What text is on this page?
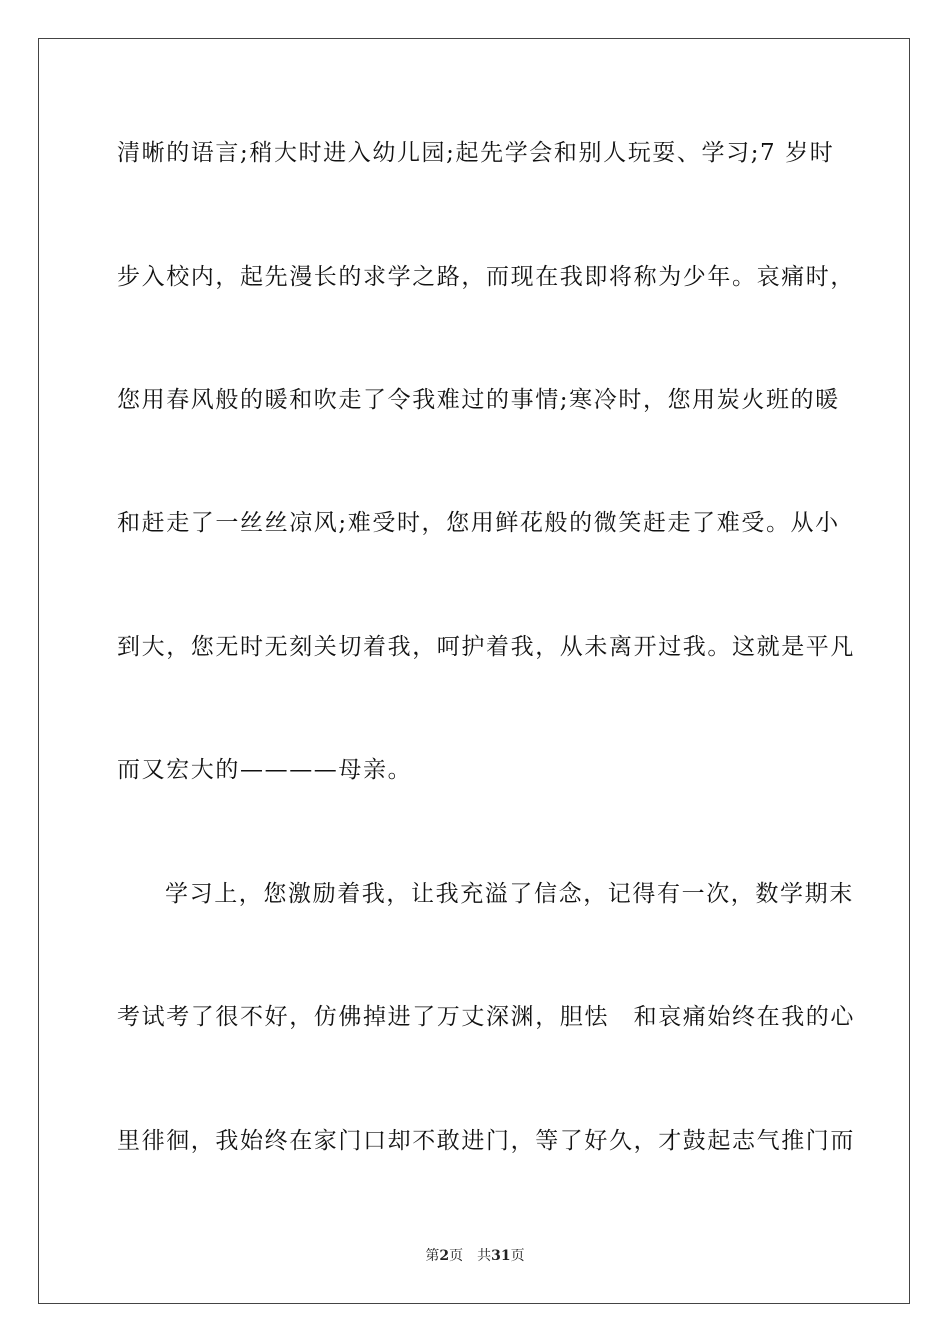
清晰的语言;稍大时进入幼儿园;起先学会和别人玩耍、学习;7 岁时
步入校内，起先漫长的求学之路，而现在我即将称为少年。哀痛时，
您用春风般的暖和吹走了令我难过的事情;寒冷时，您用炭火班的暖
和赶走了一丝丝凉风;难受时，您用鲜花般的微笑赶走了难受。从小
到大，您无时无刻关切着我，呵护着我，从未离开过我。这就是平凡
而又宏大的————母亲。
学习上，您激励着我，让我充溢了信念，记得有一次，数学期末
考试考了很不好，仿佛掉进了万丈深渊，胆怯　和哀痛始终在我的心
里徘徊，我始终在家门口却不敢进门，等了好久，才鼓起志气推门而
第2页　共31页
